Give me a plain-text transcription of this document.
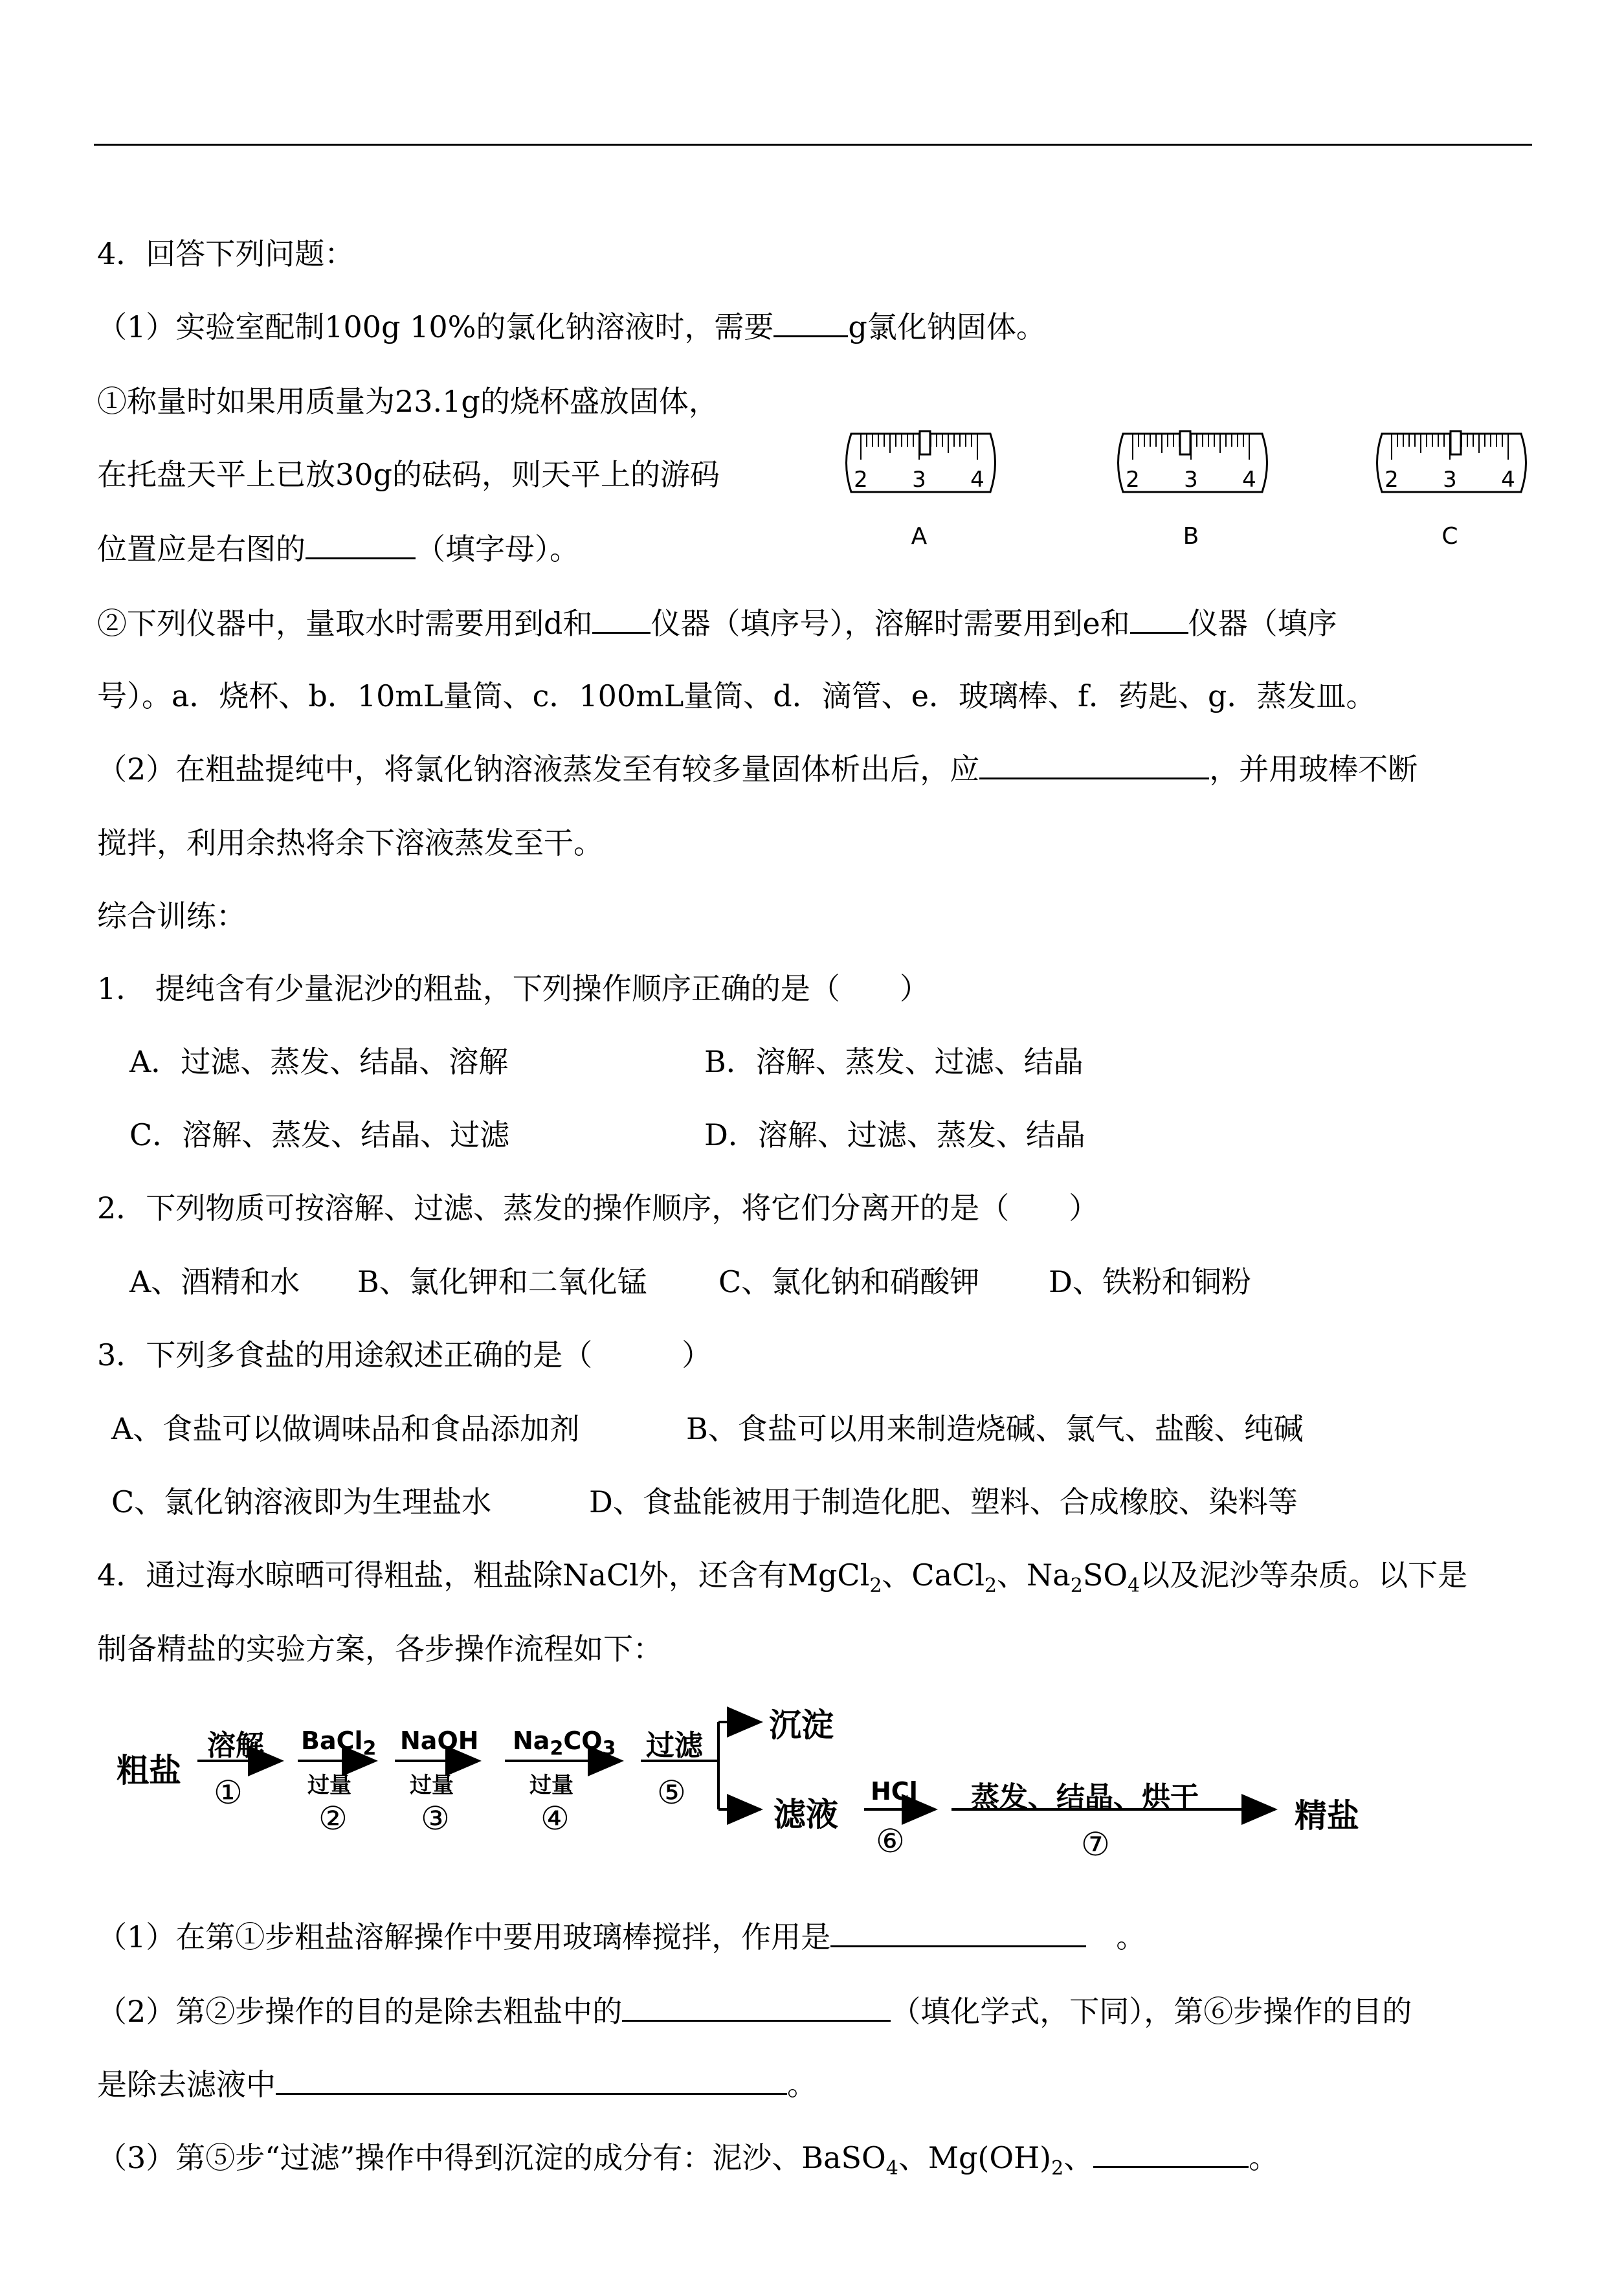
4．回答下列问题：
（1）实验室配制100g 10%的氯化钠溶液时，需要	g氯化钠固体。
①称量时如果用质量为23.1g的烧杯盛放固体，
在托盘天平上已放30g的砝码，则天平上的游码
位置应是右图的	（填字母）。
2 3 4
A
2 3 4
B
2 3 4
C
②下列仪器中，量取水时需要用到d和 仪器（填序号），溶解时需要用到e和 仪器（填序
号）。a．烧杯、b．10mL量筒、c．100mL量筒、d．滴管、e．玻璃棒、f．药匙、g．蒸发皿。
（2）在粗盐提纯中，将氯化钠溶液蒸发至有较多量固体析出后，应	，并用玻棒不断
搅拌，利用余热将余下溶液蒸发至干。
综合训练：
1． 提纯含有少量泥沙的粗盐，下列操作顺序正确的是（　　）
A．过滤、蒸发、结晶、溶解	B．溶解、蒸发、过滤、结晶
C．溶解、蒸发、结晶、过滤	D．溶解、过滤、蒸发、结晶
2．下列物质可按溶解、过滤、蒸发的操作顺序，将它们分离开的是（　　）
A、酒精和水 B、氯化钾和二氧化锰 C、氯化钠和硝酸钾 D、铁粉和铜粉
3．下列多食盐的用途叙述正确的是（　　　）
A、食盐可以做调味品和食品添加剂	B、食盐可以用来制造烧碱、氯气、盐酸、纯碱
C、氯化钠溶液即为生理盐水	D、食盐能被用于制造化肥、塑料、合成橡胶、染料等
4．通过海水晾晒可得粗盐，粗盐除NaCl外，还含有MgCl$_2$、CaCl$_2$、$Na_2SO_4$以及泥沙等杂质。以下是
制备精盐的实验方案，各步操作流程如下：
粗盐
溶解
①
BaCl$_2$
过量
②
NaOH
过量
③
$Na_2CO_3$
过量
④
过滤
⑤
沉淀
滤液
HCl
⑥
蒸发、结晶、烘干
⑦
精盐
（1）在第①步粗盐溶解操作中要用玻璃棒搅拌，作用是	　。
（2）第②步操作的目的是除去粗盐中的	（填化学式，下同），第⑥步操作的目的
是除去滤液中	。
（3）第⑤步“过滤”操作中得到沉淀的成分有：泥沙、BaSO$_4$、$Mg(OH)_2$、	。
